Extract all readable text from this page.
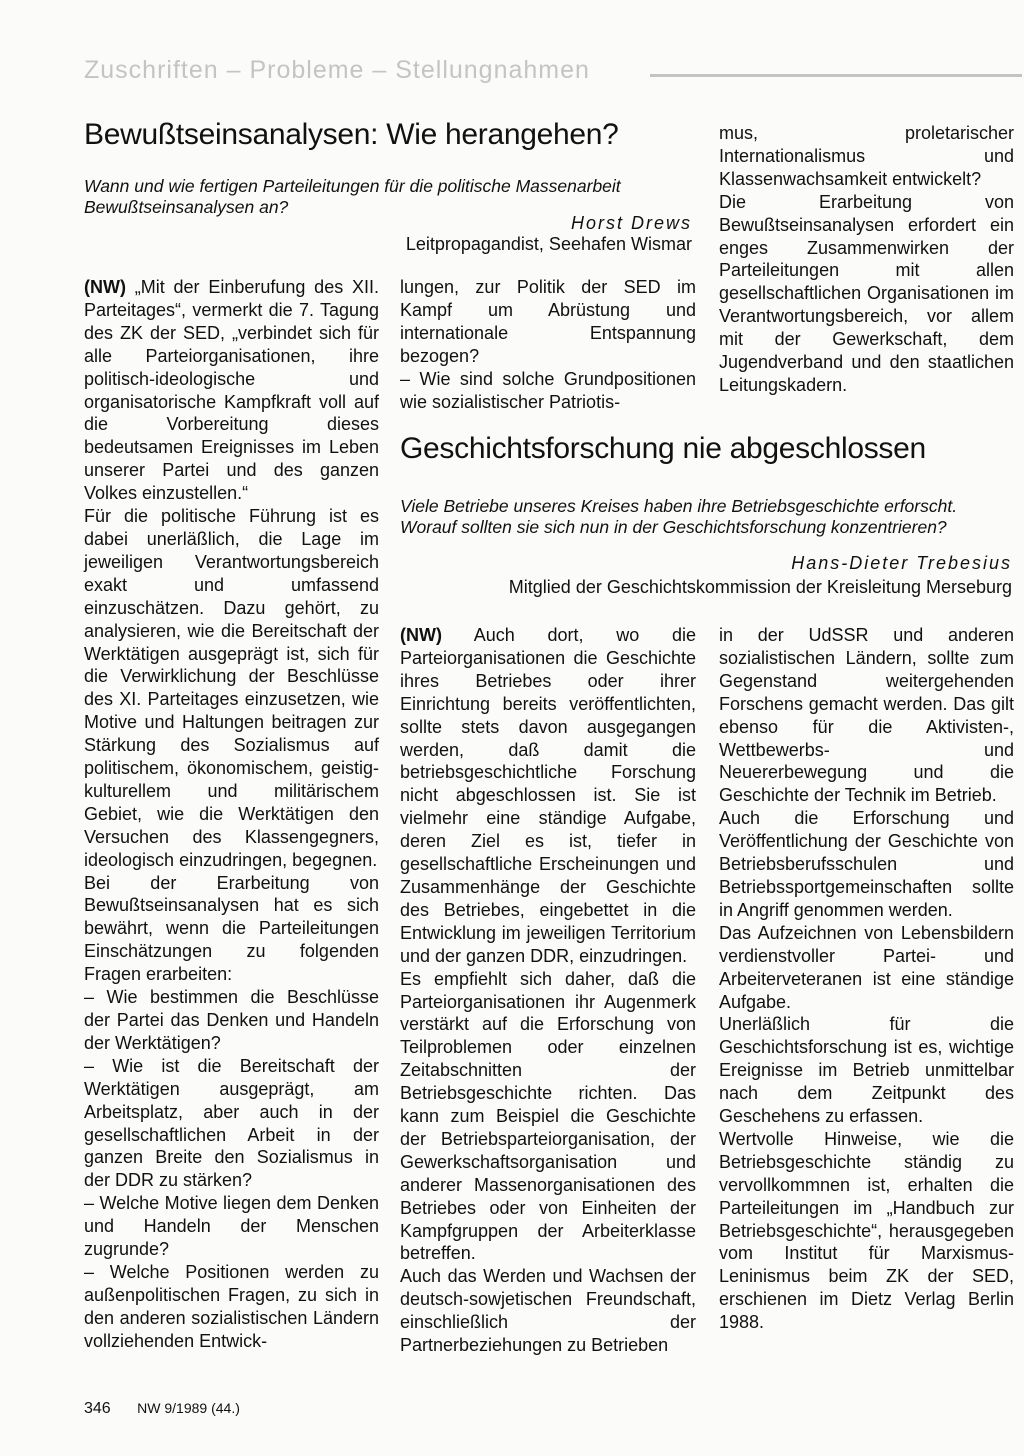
Zuschriften – Probleme – Stellungnahmen
Bewußtseinsanalysen: Wie herangehen?
Wann und wie fertigen Parteileitungen für die politische Massenarbeit Bewußtseinsanalysen an?
Horst Drews
Leitpropagandist, Seehafen Wismar

(NW) „Mit der Einberufung des XII. Parteitages“, vermerkt die 7. Tagung des ZK der SED, „verbindet sich für alle Parteiorganisationen, ihre politisch-ideologische und organisatorische Kampfkraft voll auf die Vorbereitung dieses bedeutsamen Ereignisses im Leben unserer Partei und des ganzen Volkes einzustellen.“

Für die politische Führung ist es dabei unerläßlich, die Lage im jeweiligen Verantwortungsbereich exakt und umfassend einzuschätzen. Dazu gehört, zu analysieren, wie die Bereitschaft der Werktätigen ausgeprägt ist, sich für die Verwirklichung der Beschlüsse des XI. Parteitages einzusetzen, wie Motive und Haltungen beitragen zur Stärkung des Sozialismus auf politischem, ökonomischem, geistig-kulturellem und militärischem Gebiet, wie die Werktätigen den Versuchen des Klassengegners, ideologisch einzudringen, begegnen.

Bei der Erarbeitung von Bewußtseinsanalysen hat es sich bewährt, wenn die Parteileitungen Einschätzungen zu folgenden Fragen erarbeiten:

– Wie bestimmen die Beschlüsse der Partei das Denken und Handeln der Werktätigen?

– Wie ist die Bereitschaft der Werktätigen ausgeprägt, am Arbeitsplatz, aber auch in der gesellschaftlichen Arbeit in der ganzen Breite den Sozialismus in der DDR zu stärken?

– Welche Motive liegen dem Denken und Handeln der Menschen zugrunde?

– Welche Positionen werden zu außenpolitischen Fragen, zu sich in den anderen sozialistischen Ländern vollziehenden Entwick-

lungen, zur Politik der SED im Kampf um Abrüstung und internationale Entspannung bezogen?

– Wie sind solche Grundpositionen wie sozialistischer Patriotis-

mus, proletarischer Internationalismus und Klassenwachsamkeit entwickelt?

Die Erarbeitung von Bewußtseinsanalysen erfordert ein enges Zusammenwirken der Parteileitungen mit allen gesellschaftlichen Organisationen im Verantwortungsbereich, vor allem mit der Gewerkschaft, dem Jugendverband und den staatlichen Leitungskadern.

Geschichtsforschung nie abgeschlossen
Viele Betriebe unseres Kreises haben ihre Betriebsgeschichte erforscht. Worauf sollten sie sich nun in der Geschichtsforschung konzentrieren?
Hans-Dieter Trebesius
Mitglied der Geschichtskommission der Kreisleitung Merseburg

(NW) Auch dort, wo die Parteiorganisationen die Geschichte ihres Betriebes oder ihrer Einrichtung bereits veröffentlichten, sollte stets davon ausgegangen werden, daß damit die betriebsgeschichtliche Forschung nicht abgeschlossen ist. Sie ist vielmehr eine ständige Aufgabe, deren Ziel es ist, tiefer in gesellschaftliche Erscheinungen und Zusammenhänge der Geschichte des Betriebes, eingebettet in die Entwicklung im jeweiligen Territorium und der ganzen DDR, einzudringen.

Es empfiehlt sich daher, daß die Parteiorganisationen ihr Augenmerk verstärkt auf die Erforschung von Teilproblemen oder einzelnen Zeitabschnitten der Betriebsgeschichte richten. Das kann zum Beispiel die Geschichte der Betriebsparteiorganisation, der Gewerkschaftsorganisation und anderer Massenorganisationen des Betriebes oder von Einheiten der Kampfgruppen der Arbeiterklasse betreffen.

Auch das Werden und Wachsen der deutsch-sowjetischen Freundschaft, einschließlich der Partnerbeziehungen zu Betrieben

in der UdSSR und anderen sozialistischen Ländern, sollte zum Gegenstand weitergehenden Forschens gemacht werden. Das gilt ebenso für die Aktivisten-, Wettbewerbs- und Neuererbewegung und die Geschichte der Technik im Betrieb.

Auch die Erforschung und Veröffentlichung der Geschichte von Betriebsberufsschulen und Betriebssportgemeinschaften sollte in Angriff genommen werden.

Das Aufzeichnen von Lebensbildern verdienstvoller Partei- und Arbeiterveteranen ist eine ständige Aufgabe.

Unerläßlich für die Geschichtsforschung ist es, wichtige Ereignisse im Betrieb unmittelbar nach dem Zeitpunkt des Geschehens zu erfassen.

Wertvolle Hinweise, wie die Betriebsgeschichte ständig zu vervollkommnen ist, erhalten die Parteileitungen im „Handbuch zur Betriebsgeschichte“, herausgegeben vom Institut für Marxismus-Leninismus beim ZK der SED, erschienen im Dietz Verlag Berlin 1988.

346 NW 9/1989 (44.)
